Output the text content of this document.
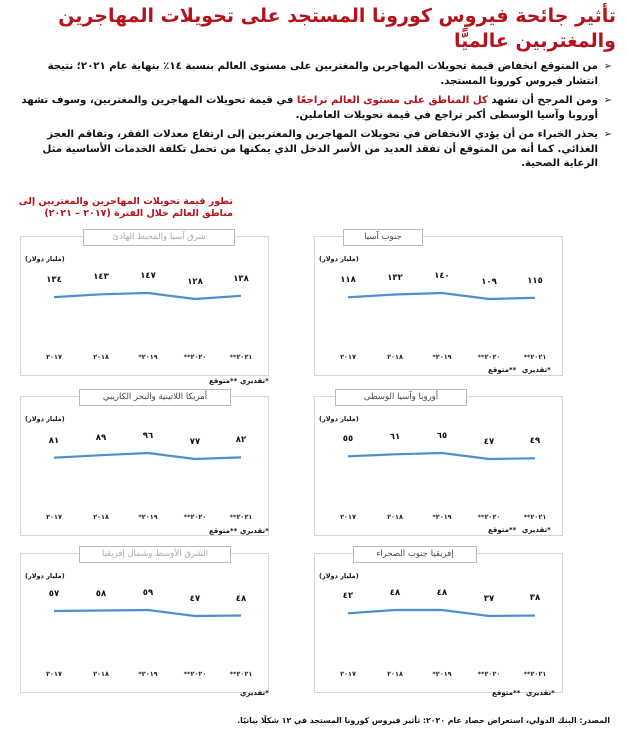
تأثير جائحة فيروس كورونا المستجد على تحويلات المهاجرين والمغتربين عالميًّا
➢
من المتوقع انخفاض قيمة تحويلات المهاجرين والمغتربين على مستوى العالم بنسبة ١٤٪ بنهاية عام ٢٠٢١؛ نتيجة انتشار فيروس كورونا المستجد.
➢
ومن المرجح أن تشهد كل المناطق على مستوى العالم تراجعًا في قيمة تحويلات المهاجرين والمغتربين، وسوف تشهد أوروبا وآسيا الوسطى أكبر تراجع في قيمة تحويلات العاملين.
➢
يحذر الخبراء من أن يؤدي الانخفاض في تحويلات المهاجرين والمغتربين إلى ارتفاع معدلات الفقر، وتفاقم العجز الغذائي. كما أنه من المتوقع أن تفقد العديد من الأسر الدخل الذي يمكنها من تحمل تكلفة الخدمات الأساسية مثل الرعاية الصحية.
تطور قيمة تحويلات المهاجرين والمغتربين إلى مناطق العالم خلال الفترة (٢٠١٧ – ٢٠٢١)
جنوب آسيا
(مليار دولار)
١١٨
٢٠١٧
١٣٢
٢٠١٨
١٤٠
*٢٠١٩
١٠٩
**٢٠٢٠
١١٥
**٢٠٢١
شرق آسيا والمحيط الهادئ
(مليار دولار)
١٣٤
٢٠١٧
١٤٣
٢٠١٨
١٤٧
*٢٠١٩
١٢٨
**٢٠٢٠
١٣٨
**٢٠٢١
أوروبا وآسيا الوسطى
(مليار دولار)
٥٥
٢٠١٧
٦١
٢٠١٨
٦٥
*٢٠١٩
٤٧
**٢٠٢٠
٤٩
**٢٠٢١
أمريكا اللاتينية والبحر الكاريبي
(مليار دولار)
٨١
٢٠١٧
٨٩
٢٠١٨
٩٦
*٢٠١٩
٧٧
**٢٠٢٠
٨٢
**٢٠٢١
إفريقيا جنوب الصحراء
(مليار دولار)
٤٢
٢٠١٧
٤٨
٢٠١٨
٤٨
*٢٠١٩
٣٧
**٢٠٢٠
٣٨
**٢٠٢١
الشرق الأوسط وشمال إفريقيا
(مليار دولار)
٥٧
٢٠١٧
٥٨
٢٠١٨
٥٩
*٢٠١٩
٤٧
**٢٠٢٠
٤٨
**٢٠٢١
*تقديري
**متوقع
*تقديري
**متوقع
*تقديري
**متوقع
*تقديري
**متوقع
*تقديري
**متوقع
*تقديري
المصدر: البنك الدولي، استعراض حصاد عام ٢٠٢٠: تأثير فيروس كورونا المستجد في ١٢ شكلًا بيانيًا.
